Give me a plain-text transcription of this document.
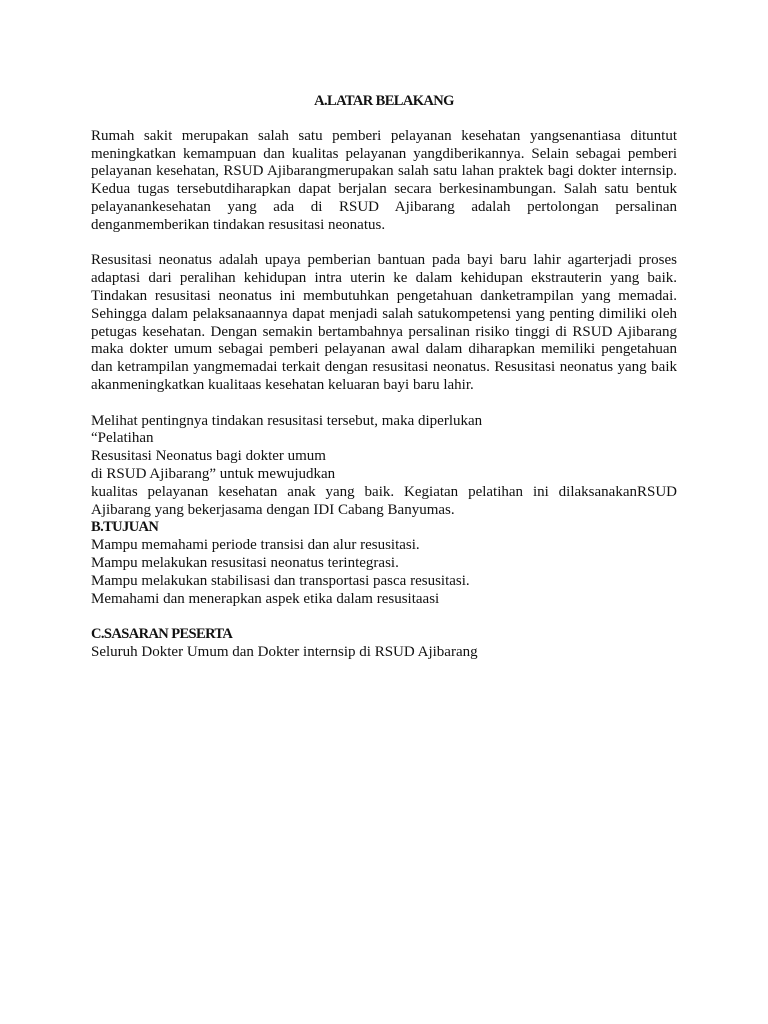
A.LATAR BELAKANG

Rumah sakit merupakan salah satu pemberi pelayanan kesehatan yangsenantiasa dituntut meningkatkan kemampuan dan kualitas pelayanan yangdiberikannya. Selain sebagai pemberi pelayanan kesehatan, RSUD Ajibarangmerupakan salah satu lahan praktek bagi dokter internsip. Kedua tugas tersebutdiharapkan dapat berjalan secara berkesinambungan. Salah satu bentuk pelayanankesehatan yang ada di RSUD Ajibarang adalah pertolongan persalinan denganmemberikan tindakan resusitasi neonatus.

Resusitasi neonatus adalah upaya pemberian bantuan pada bayi baru lahir agarterjadi proses adaptasi dari peralihan kehidupan intra uterin ke dalam kehidupan ekstrauterin yang baik. Tindakan resusitasi neonatus ini membutuhkan pengetahuan danketrampilan yang memadai. Sehingga dalam pelaksanaannya dapat menjadi salah satukompetensi yang penting dimiliki oleh petugas kesehatan. Dengan semakin bertambahnya persalinan risiko tinggi di RSUD Ajibarang maka dokter umum sebagai pemberi pelayanan awal dalam diharapkan memiliki pengetahuan dan ketrampilan yangmemadai terkait dengan resusitasi neonatus. Resusitasi neonatus yang baik akanmeningkatkan kualitaas kesehatan keluaran bayi baru lahir.

Melihat pentingnya tindakan resusitasi tersebut, maka diperlukan
“Pelatihan
Resusitasi Neonatus bagi dokter umum
di RSUD Ajibarang” untuk mewujudkan
kualitas pelayanan kesehatan anak yang baik. Kegiatan pelatihan ini dilaksanakanRSUD Ajibarang yang bekerjasama dengan IDI Cabang Banyumas.

B.TUJUAN

Mampu memahami periode transisi dan alur resusitasi.

Mampu melakukan resusitasi neonatus terintegrasi.

Mampu melakukan stabilisasi dan transportasi pasca resusitasi.

Memahami dan menerapkan aspek etika dalam resusitaasi

C.SASARAN PESERTA

Seluruh Dokter Umum dan Dokter internsip di RSUD Ajibarang
